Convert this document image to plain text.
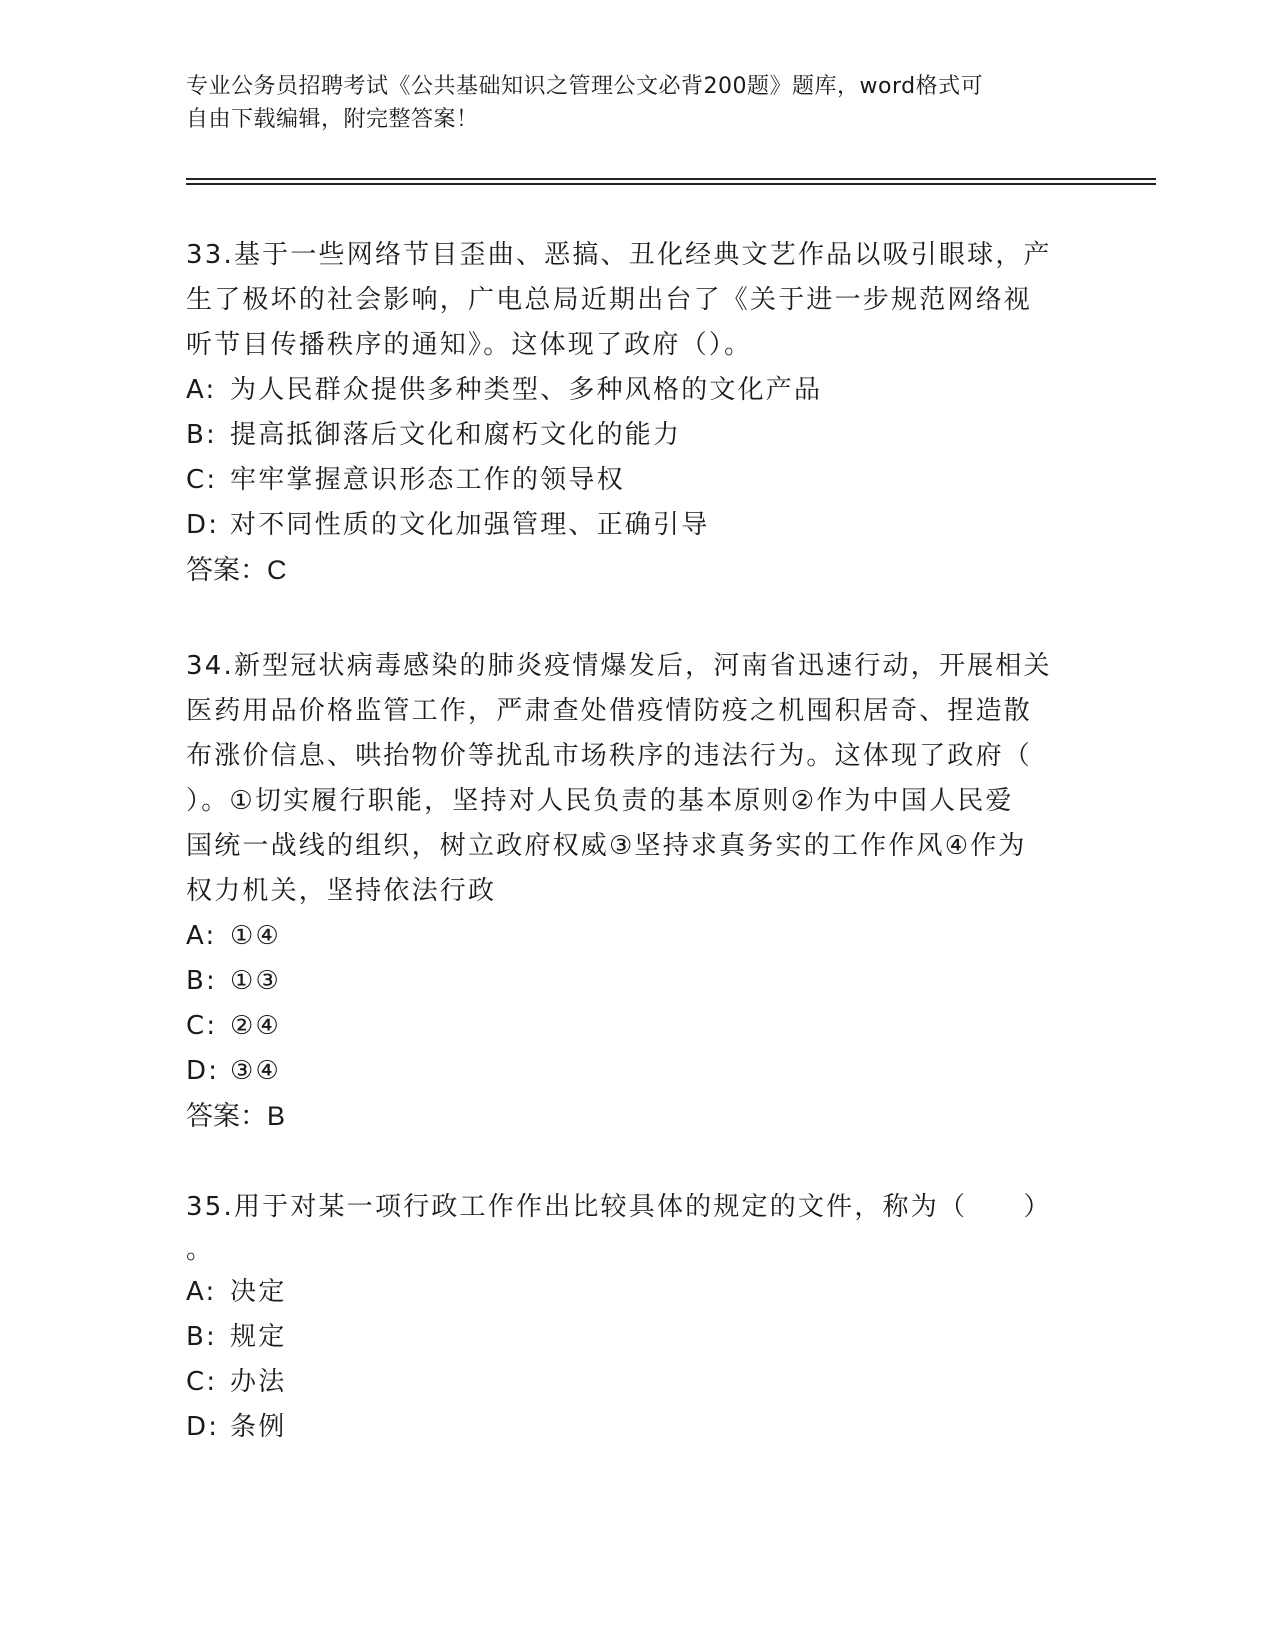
专业公务员招聘考试《公共基础知识之管理公文必背200题》题库，word格式可
自由下载编辑，附完整答案！
33.基于一些网络节目歪曲、恶搞、丑化经典文艺作品以吸引眼球，产
生了极坏的社会影响，广电总局近期出台了《关于进一步规范网络视
听节目传播秩序的通知》。这体现了政府（）。
A: 为人民群众提供多种类型、多种风格的文化产品
B: 提高抵御落后文化和腐朽文化的能力
C: 牢牢掌握意识形态工作的领导权
D: 对不同性质的文化加强管理、正确引导
答案：C
34.新型冠状病毒感染的肺炎疫情爆发后，河南省迅速行动，开展相关
医药用品价格监管工作，严肃查处借疫情防疫之机囤积居奇、捏造散
布涨价信息、哄抬物价等扰乱市场秩序的违法行为。这体现了政府（
）。①切实履行职能，坚持对人民负责的基本原则②作为中国人民爱
国统一战线的组织，树立政府权威③坚持求真务实的工作作风④作为
权力机关，坚持依法行政
A: ①④
B: ①③
C: ②④
D: ③④
答案：B
35.用于对某一项行政工作作出比较具体的规定的文件，称为（　　）
。
A: 决定
B: 规定
C: 办法
D: 条例
